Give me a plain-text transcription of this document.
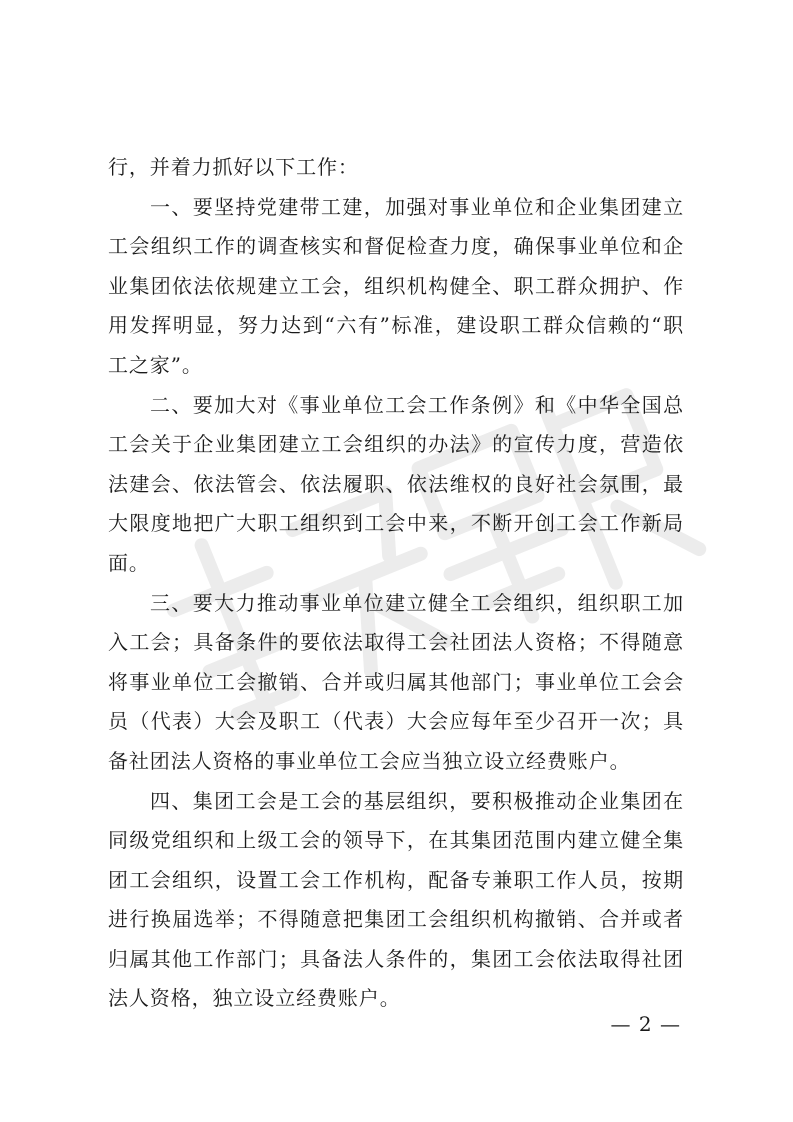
行，并着力抓好以下工作：

一、要坚持党建带工建，加强对事业单位和企业集团建立工会组织工作的调查核实和督促检查力度，确保事业单位和企业集团依法依规建立工会，组织机构健全、职工群众拥护、作用发挥明显，努力达到“六有”标准，建设职工群众信赖的“职工之家”。

二、要加大对《事业单位工会工作条例》和《中华全国总工会关于企业集团建立工会组织的办法》的宣传力度，营造依法建会、依法管会、依法履职、依法维权的良好社会氛围，最大限度地把广大职工组织到工会中来，不断开创工会工作新局面。

三、要大力推动事业单位建立健全工会组织，组织职工加入工会；具备条件的要依法取得工会社团法人资格；不得随意将事业单位工会撤销、合并或归属其他部门；事业单位工会会员（代表）大会及职工（代表）大会应每年至少召开一次；具备社团法人资格的事业单位工会应当独立设立经费账户。

四、集团工会是工会的基层组织，要积极推动企业集团在同级党组织和上级工会的领导下，在其集团范围内建立健全集团工会组织，设置工会工作机构，配备专兼职工作人员，按期进行换届选举；不得随意把集团工会组织机构撤销、合并或者归属其他工作部门；具备法人条件的，集团工会依法取得社团法人资格，独立设立经费账户。

— 2 —
